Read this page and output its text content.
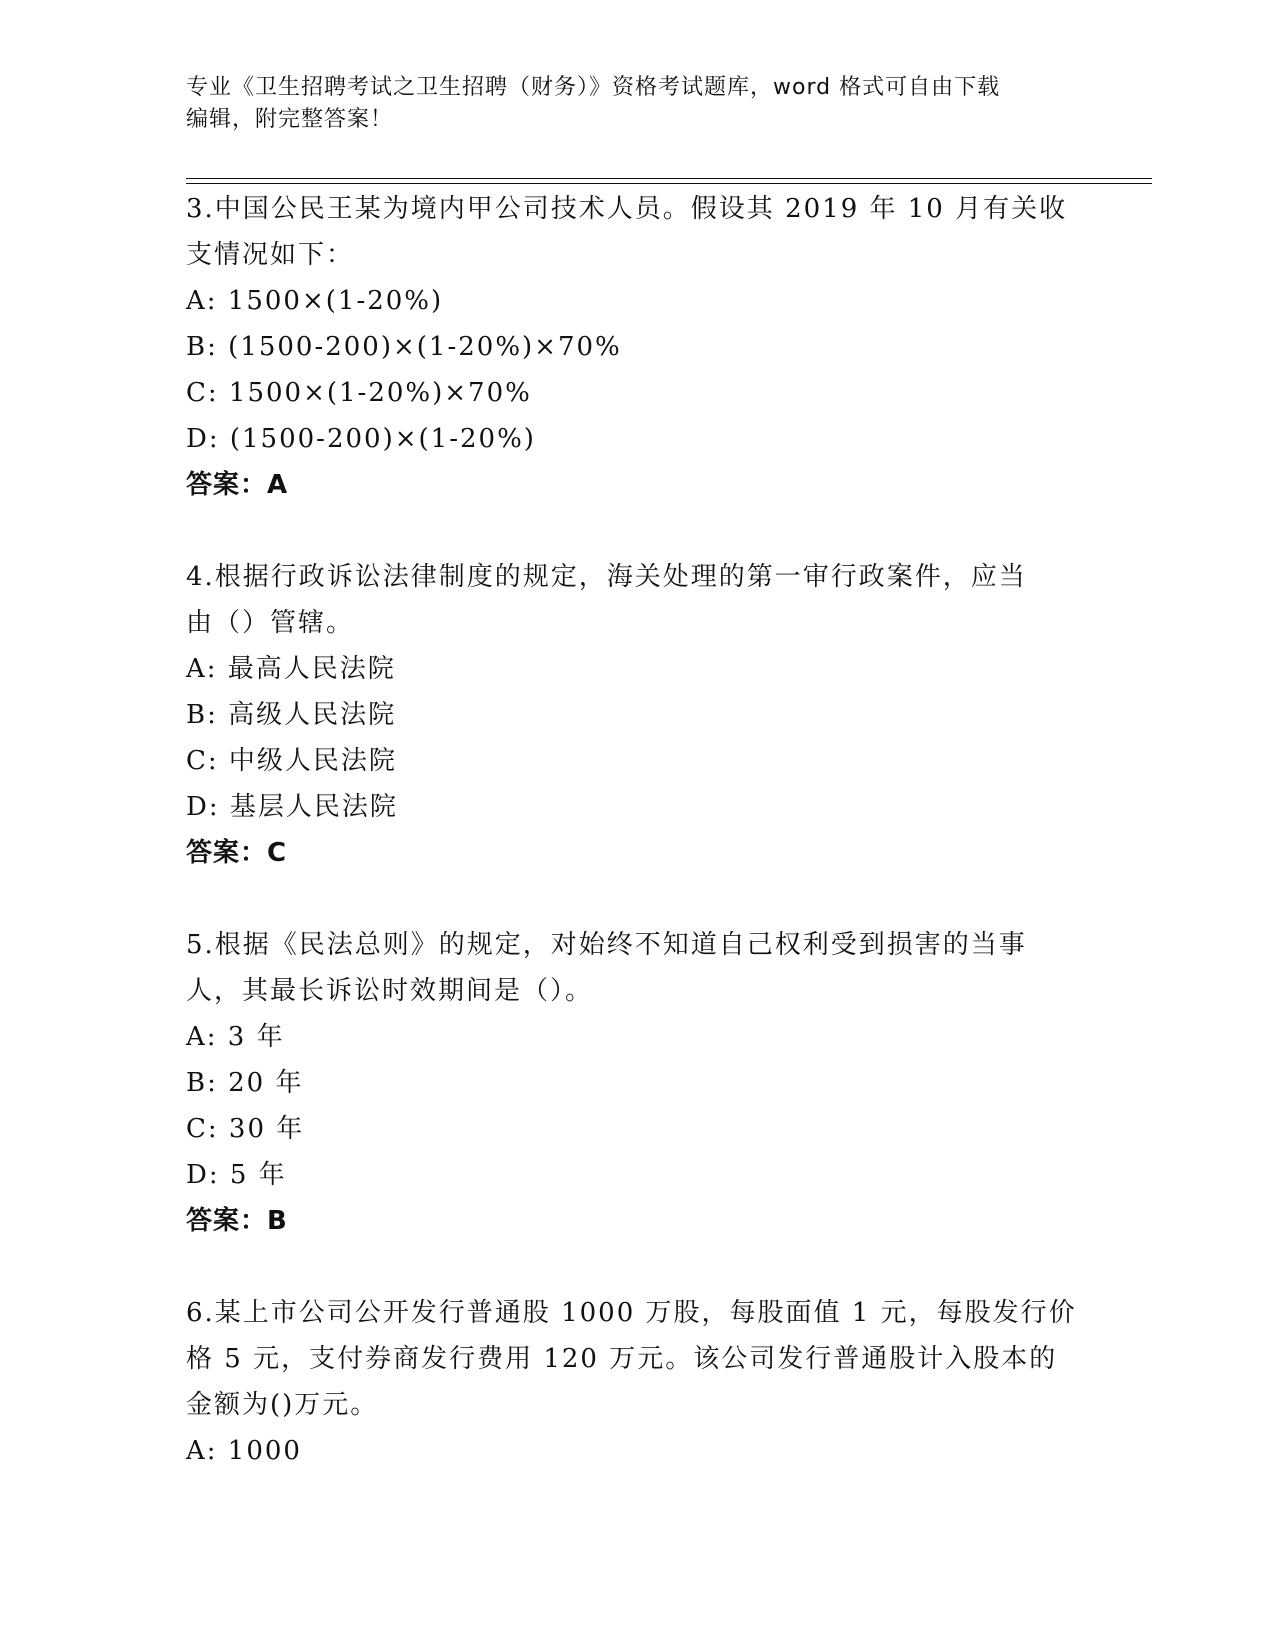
专业《卫生招聘考试之卫生招聘（财务）》资格考试题库，word 格式可自由下载
编辑，附完整答案！
3.中国公民王某为境内甲公司技术人员。假设其 2019 年 10 月有关收
支情况如下：
A: 1500×(1-20%)
B: (1500-200)×(1-20%)×70%
C: 1500×(1-20%)×70%
D: (1500-200)×(1-20%)
答案：A
4.根据行政诉讼法律制度的规定，海关处理的第一审行政案件，应当
由（）管辖。
A: 最高人民法院
B: 高级人民法院
C: 中级人民法院
D: 基层人民法院
答案：C
5.根据《民法总则》的规定，对始终不知道自己权利受到损害的当事
人，其最长诉讼时效期间是（）。
A: 3 年
B: 20 年
C: 30 年
D: 5 年
答案：B
6.某上市公司公开发行普通股 1000 万股，每股面值 1 元，每股发行价
格 5 元，支付券商发行费用 120 万元。该公司发行普通股计入股本的
金额为()万元。
A: 1000
